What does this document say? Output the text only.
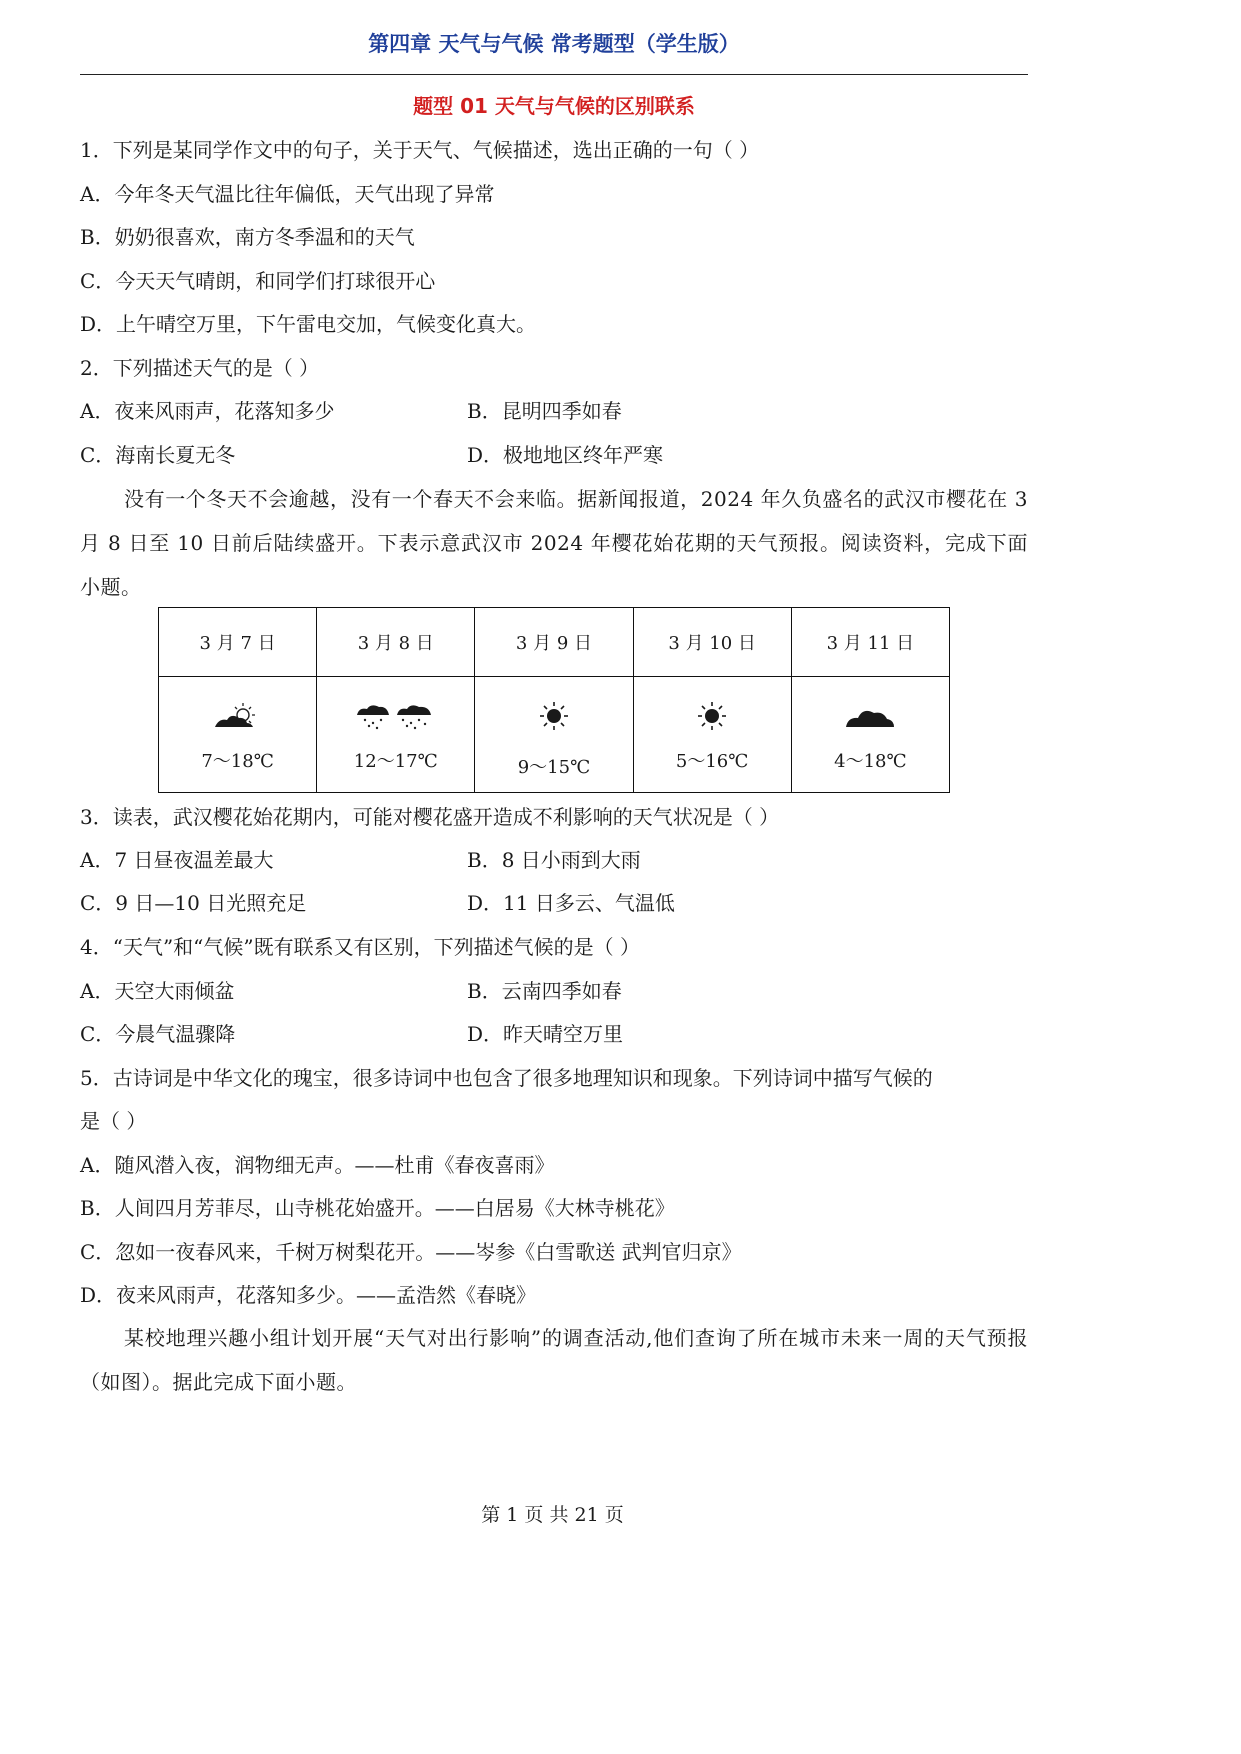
第四章 天气与气候 常考题型（学生版）
题型 01 天气与气候的区别联系
1．下列是某同学作文中的句子，关于天气、气候描述，选出正确的一句（ ）
A．今年冬天气温比往年偏低，天气出现了异常
B．奶奶很喜欢，南方冬季温和的天气
C．今天天气晴朗，和同学们打球很开心
D．上午晴空万里，下午雷电交加，气候变化真大。
2．下列描述天气的是（ ）
A．夜来风雨声，花落知多少	B．昆明四季如春
C．海南长夏无冬	D．极地地区终年严寒
没有一个冬天不会逾越，没有一个春天不会来临。据新闻报道，2024 年久负盛名的武汉市樱花在 3 月 8 日至 10 日前后陆续盛开。下表示意武汉市 2024 年樱花始花期的天气预报。阅读资料，完成下面小题。
3 月 7 日	3 月 8 日	3 月 9 日	3 月 10 日	3 月 11 日

7～18℃	12～17℃	9～15℃	5～16℃	4～18℃
3．读表，武汉樱花始花期内，可能对樱花盛开造成不利影响的天气状况是（ ）
A．7 日昼夜温差最大	B．8 日小雨到大雨
C．9 日—10 日光照充足	D．11 日多云、气温低
4．“天气”和“气候”既有联系又有区别，下列描述气候的是（ ）
A．天空大雨倾盆	B．云南四季如春
C．今晨气温骤降	D．昨天晴空万里
5．古诗词是中华文化的瑰宝，很多诗词中也包含了很多地理知识和现象。下列诗词中描写气候的
是（ ）
A．随风潜入夜，润物细无声。——杜甫《春夜喜雨》
B．人间四月芳菲尽，山寺桃花始盛开。——白居易《大林寺桃花》
C．忽如一夜春风来，千树万树梨花开。——岑参《白雪歌送 武判官归京》
D．夜来风雨声，花落知多少。——孟浩然《春晓》
某校地理兴趣小组计划开展“天气对出行影响”的调查活动,他们查询了所在城市未来一周的天气预报（如图）。据此完成下面小题。
第 1 页 共 21 页
